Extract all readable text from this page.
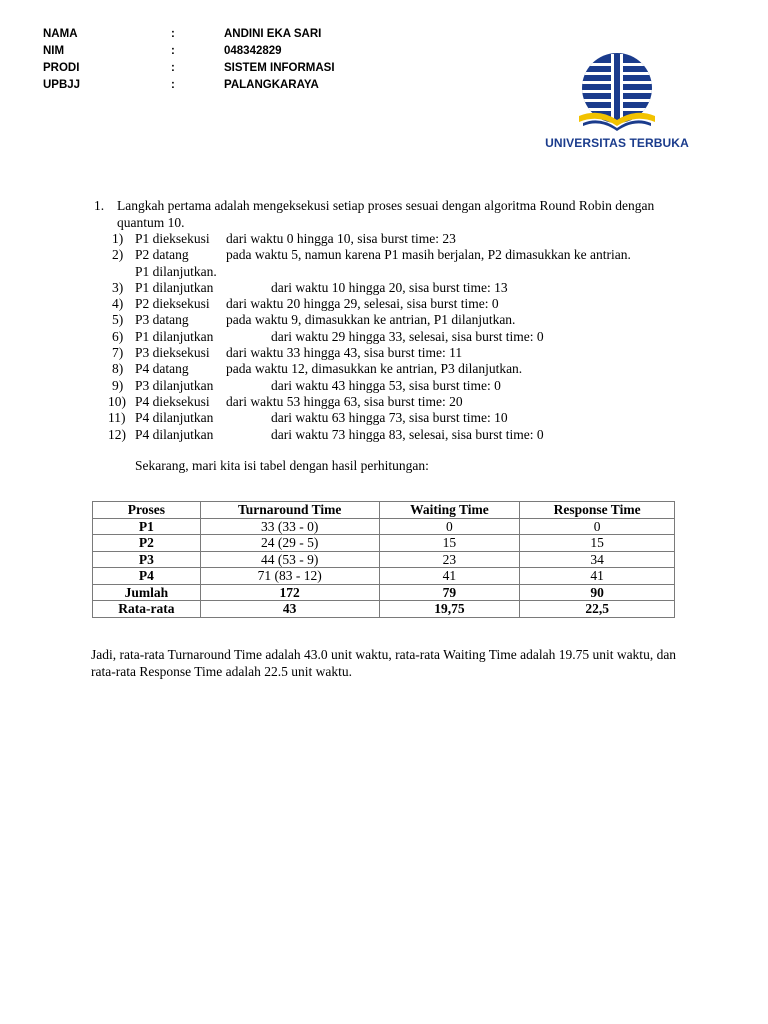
NAMA	:	ANDINI EKA SARI
NIM	:	048342829
PRODI	:	SISTEM INFORMASI
UPBJJ	:	PALANGKARAYA
UNIVERSITAS TERBUKA
1. Langkah pertama adalah mengeksekusi setiap proses sesuai dengan algoritma Round Robin dengan quantum 10.
1) P1 dieksekusi dari waktu 0 hingga 10, sisa burst time: 23
2) P2 datang	pada waktu 5, namun karena P1 masih berjalan, P2 dimasukkan ke antrian.
P1 dilanjutkan.
3) P1 dilanjutkan	dari waktu 10 hingga 20, sisa burst time: 13
4) P2 dieksekusi dari waktu 20 hingga 29, selesai, sisa burst time: 0
5) P3 datang	pada waktu 9, dimasukkan ke antrian, P1 dilanjutkan.
6) P1 dilanjutkan	dari waktu 29 hingga 33, selesai, sisa burst time: 0
7) P3 dieksekusi dari waktu 33 hingga 43, sisa burst time: 11
8) P4 datang	pada waktu 12, dimasukkan ke antrian, P3 dilanjutkan.
9) P3 dilanjutkan	dari waktu 43 hingga 53, sisa burst time: 0
10) P4 dieksekusi dari waktu 53 hingga 63, sisa burst time: 20
11) P4 dilanjutkan	dari waktu 63 hingga 73, sisa burst time: 10
12) P4 dilanjutkan	dari waktu 73 hingga 83, selesai, sisa burst time: 0
Sekarang, mari kita isi tabel dengan hasil perhitungan:
Proses	Turnaround Time	Waiting Time	Response Time
P1	33 (33 - 0)	0	0
P2	24 (29 - 5)	15	15
P3	44 (53 - 9)	23	34
P4	71 (83 - 12)	41	41
Jumlah	172	79	90
Rata-rata	43	19,75	22,5
Jadi, rata-rata Turnaround Time adalah 43.0 unit waktu, rata-rata Waiting Time adalah 19.75 unit waktu, dan rata-rata Response Time adalah 22.5 unit waktu.
